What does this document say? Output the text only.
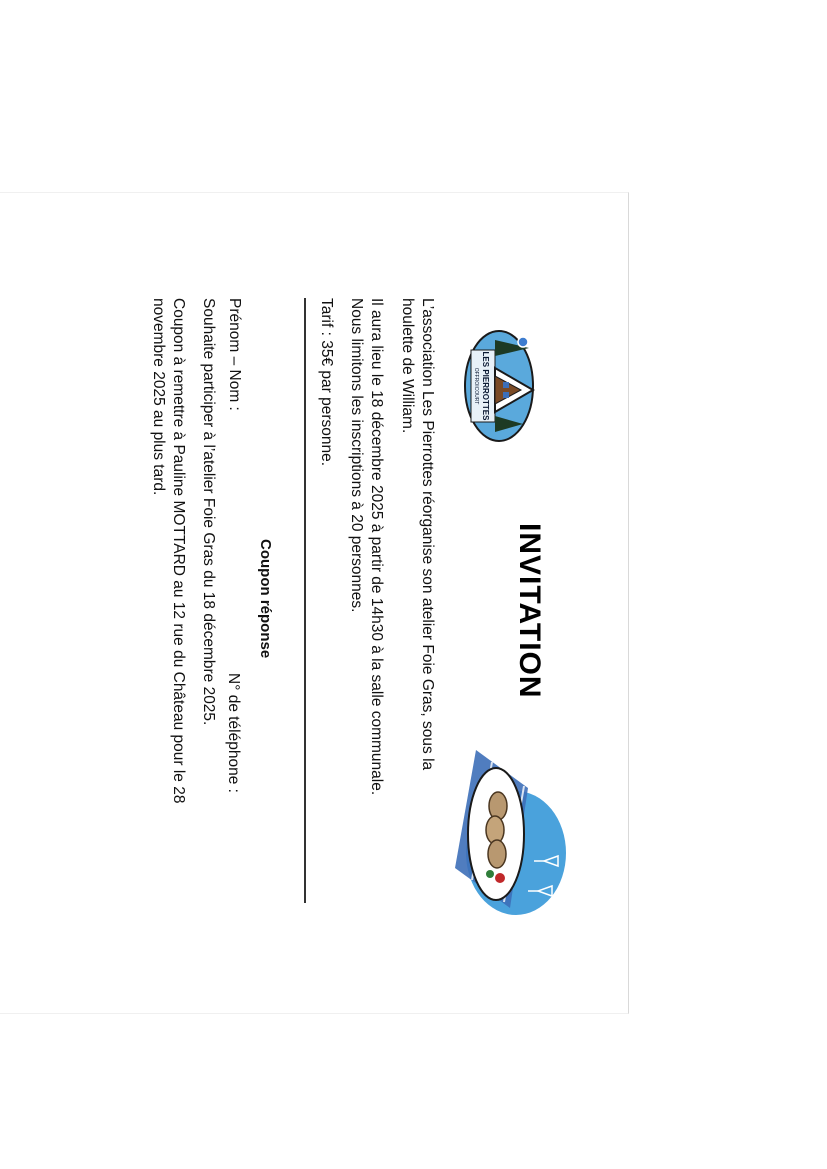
LES PIERROTTES
OFFROICOURT
INVITATION
L’association Les Pierrottes réorganise son atelier Foie Gras, sous la
houlette de William.
Il aura lieu le 18 décembre 2025 à partir de 14h30 à la salle communale.
Nous limitons les inscriptions à 20 personnes.
Tarif : 35€ par personne.
Coupon réponse
Prénom – Nom :
N° de téléphone :
Souhaite participer à l’atelier Foie Gras du 18 décembre 2025.
Coupon à remettre à Pauline MOTTARD au 12 rue du Château pour le 28
novembre 2025 au plus tard.
